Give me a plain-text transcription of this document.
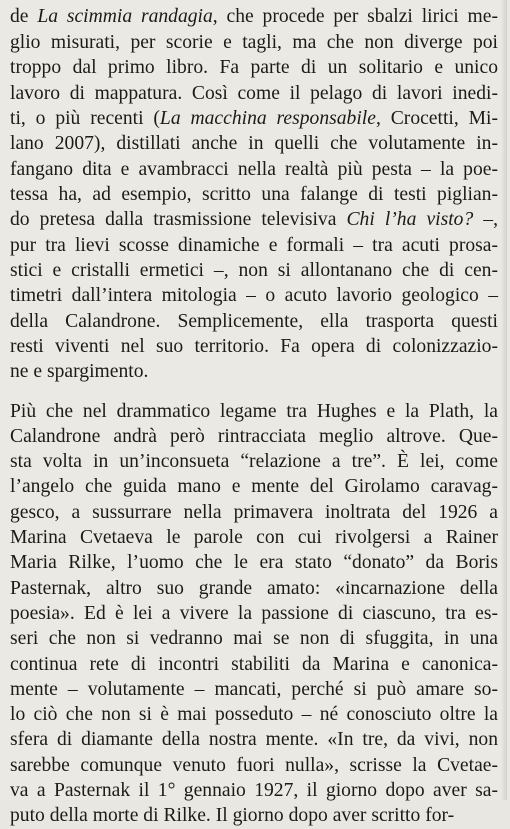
de La scimmia randagia, che procede per sbalzi lirici me-
glio misurati, per scorie e tagli, ma che non diverge poi
troppo dal primo libro. Fa parte di un solitario e unico
lavoro di mappatura. Così come il pelago di lavori inedi-
ti, o più recenti (La macchina responsabile, Crocetti, Mi-
lano 2007), distillati anche in quelli che volutamente in-
fangano dita e avambracci nella realtà più pesta – la poe-
tessa ha, ad esempio, scritto una falange di testi piglian-
do pretesa dalla trasmissione televisiva Chi l’ha visto? –,
pur tra lievi scosse dinamiche e formali – tra acuti prosa-
stici e cristalli ermetici –, non si allontanano che di cen-
timetri dall’intera mitologia – o acuto lavorio geologico –
della Calandrone. Semplicemente, ella trasporta questi
resti viventi nel suo territorio. Fa opera di colonizzazio-
ne e spargimento.
Più che nel drammatico legame tra Hughes e la Plath, la
Calandrone andrà però rintracciata meglio altrove. Que-
sta volta in un’inconsueta “relazione a tre”. È lei, come
l’angelo che guida mano e mente del Girolamo caravag-
gesco, a sussurrare nella primavera inoltrata del 1926 a
Marina Cvetaeva le parole con cui rivolgersi a Rainer
Maria Rilke, l’uomo che le era stato “donato” da Boris
Pasternak, altro suo grande amato: «incarnazione della
poesia». Ed è lei a vivere la passione di ciascuno, tra es-
seri che non si vedranno mai se non di sfuggita, in una
continua rete di incontri stabiliti da Marina e canonica-
mente – volutamente – mancati, perché si può amare so-
lo ciò che non si è mai posseduto – né conosciuto oltre la
sfera di diamante della nostra mente. «In tre, da vivi, non
sarebbe comunque venuto fuori nulla», scrisse la Cvetae-
va a Pasternak il 1° gennaio 1927, il giorno dopo aver sa-
puto della morte di Rilke. Il giorno dopo aver scritto for-
